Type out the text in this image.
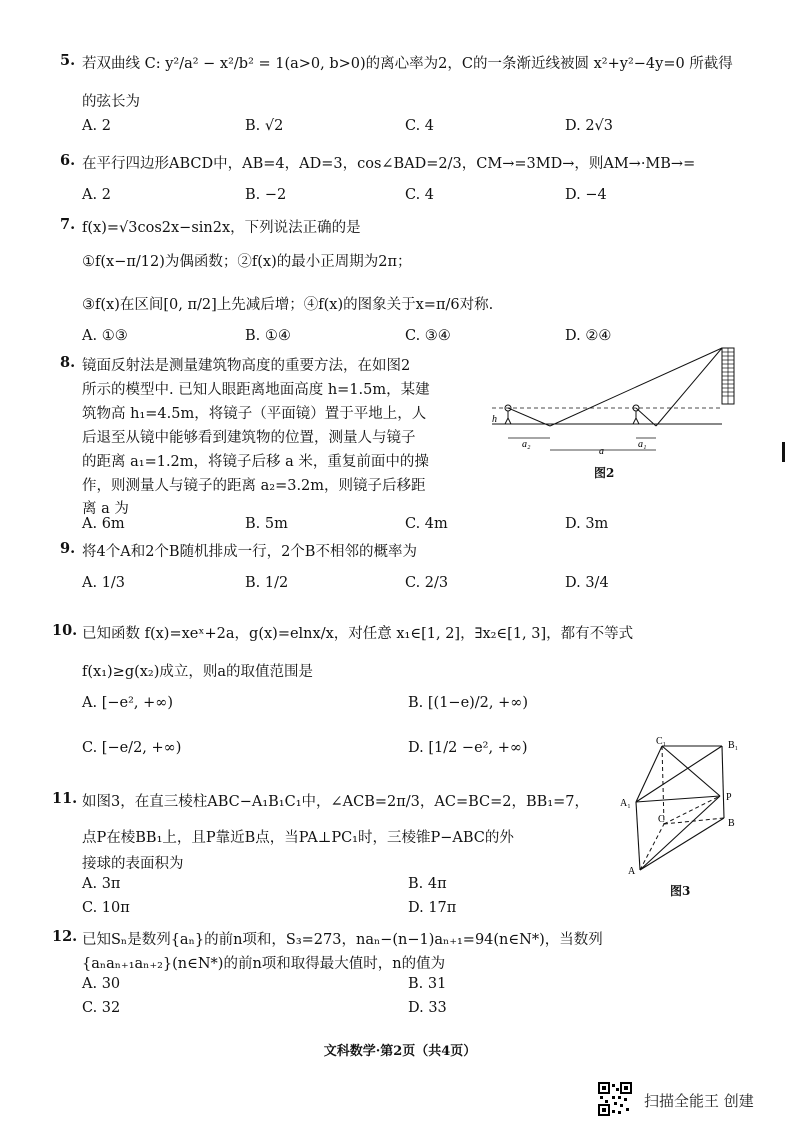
5. 若双曲线 C: y²/a² − x²/b² = 1(a>0, b>0)的离心率为2，C的一条渐近线被圆 x²+y²−4y=0 所截得
的弦长为
A. 2	B. √2	C. 4	D. 2√3
6. 在平行四边形ABCD中，AB=4，AD=3，cos∠BAD=2/3，CM→=3MD→，则AM→·MB→=
A. 2	B. −2	C. 4	D. −4
7. f(x)=√3cos2x−sin2x，下列说法正确的是
①f(x−π/12)为偶函数；②f(x)的最小正周期为2π；
③f(x)在区间[0, π/2]上先减后增；④f(x)的图象关于x=π/6对称.
A. ①③	B. ①④	C. ③④	D. ②④
8. 镜面反射法是测量建筑物高度的重要方法，在如图2
所示的模型中. 已知人眼距离地面高度 h=1.5m，某建
筑物高 h₁=4.5m，将镜子（平面镜）置于平地上，人
后退至从镜中能够看到建筑物的位置，测量人与镜子
的距离 a₁=1.2m，将镜子后移 a 米，重复前面中的操
作，则测量人与镜子的距离 a₂=3.2m，则镜子后移距
离 a 为
A. 6m	B. 5m	C. 4m	D. 3m
h
a₂
a
a₁
图2
9. 将4个A和2个B随机排成一行，2个B不相邻的概率为
A. 1/3	B. 1/2	C. 2/3	D. 3/4
10. 已知函数 f(x)=xeˣ+2a，g(x)=elnx/x，对任意 x₁∈[1, 2]，∃x₂∈[1, 3]，都有不等式
f(x₁)≥g(x₂)成立，则a的取值范围是
A. [−e², +∞)	B. [(1−e)/2, +∞)
C. [−e/2, +∞)	D. [1/2 −e², +∞)
11. 如图3，在直三棱柱ABC−A₁B₁C₁中，∠ACB=2π/3，AC=BC=2，BB₁=7，
点P在棱BB₁上，且P靠近B点，当PA⊥PC₁时，三棱锥P−ABC的外
接球的表面积为
A. 3π	B. 4π
C. 10π	D. 17π
C₁	B₁
A₁
P
C	B
A
图3
12. 已知Sₙ是数列{aₙ}的前n项和，S₃=273，naₙ−(n−1)aₙ₊₁=94(n∈N*)，当数列
{aₙaₙ₊₁aₙ₊₂}(n∈N*)的前n项和取得最大值时，n的值为
A. 30	B. 31
C. 32	D. 33
文科数学·第2页（共4页）
扫描全能王 创建
